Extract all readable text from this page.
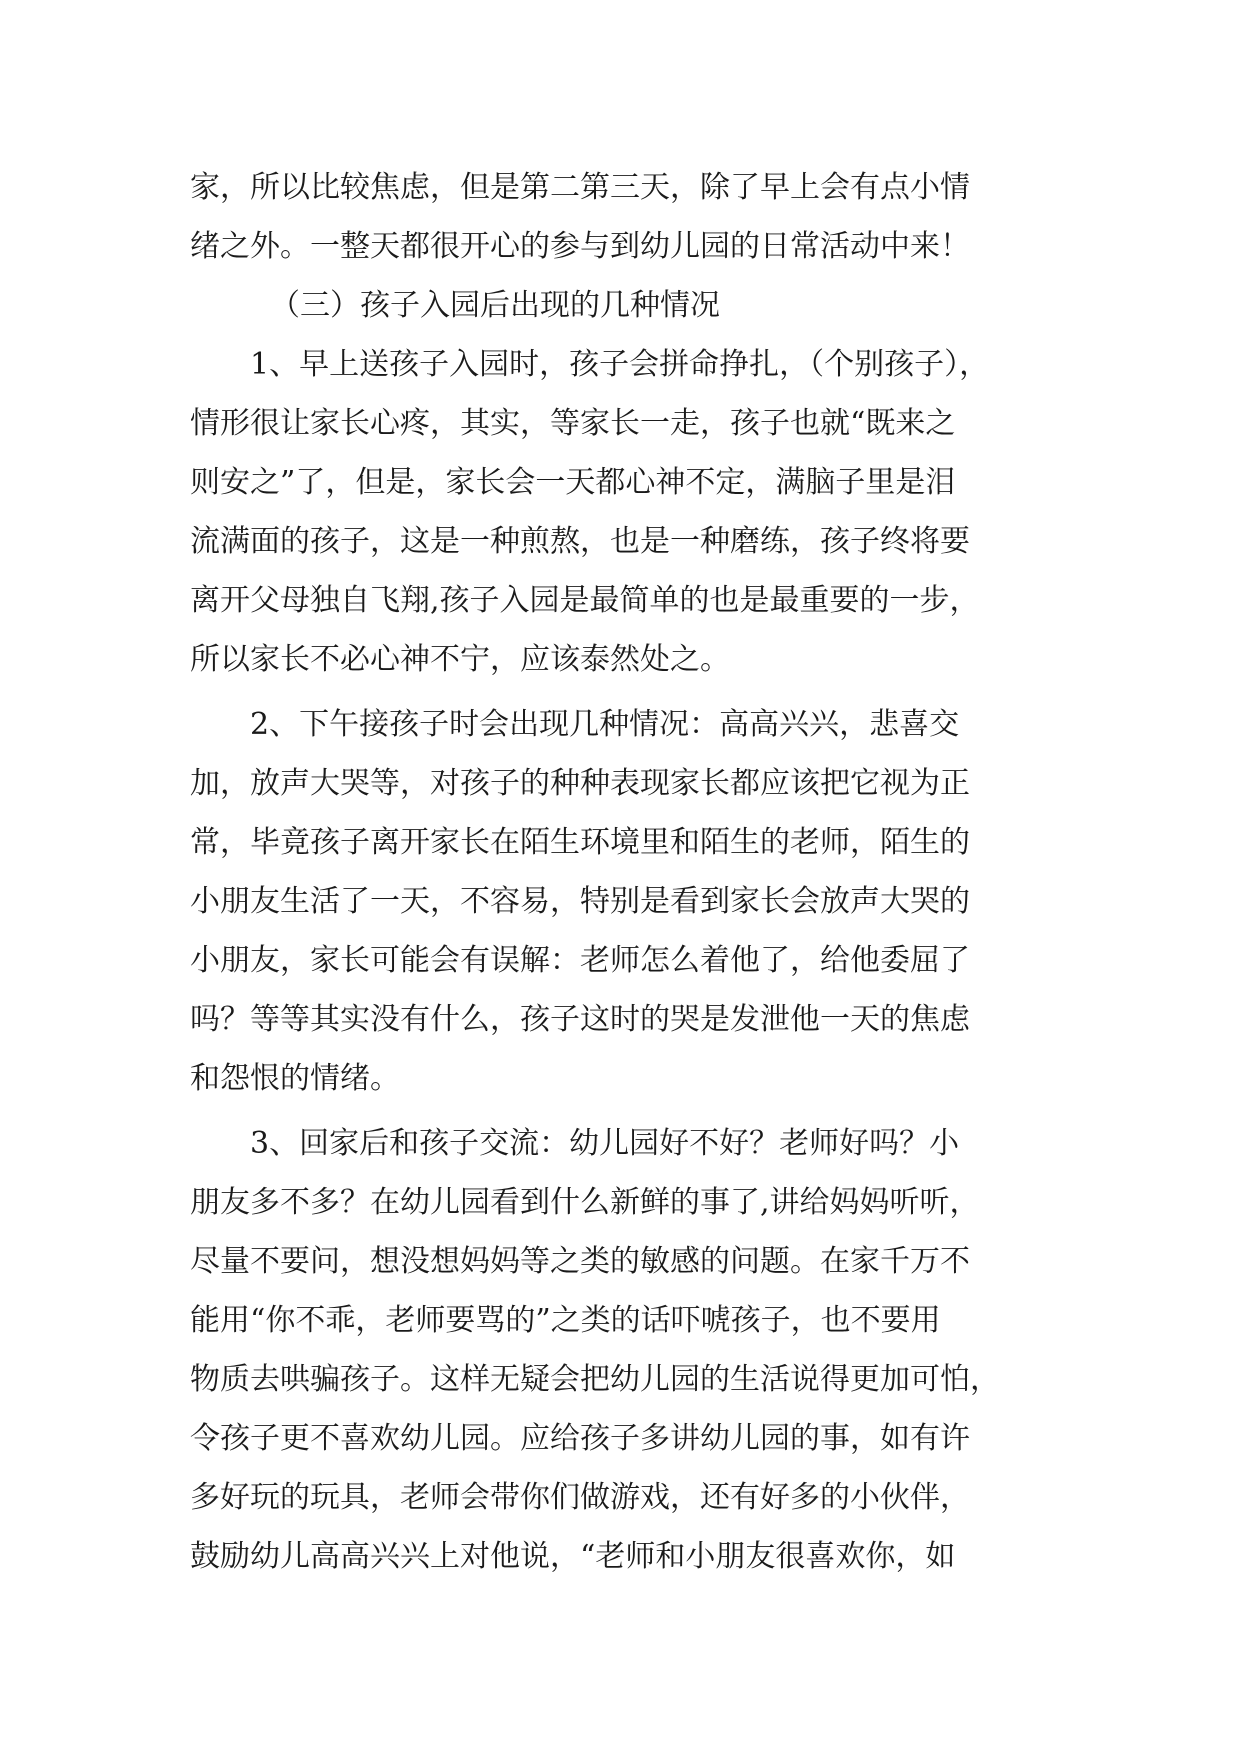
家，所以比较焦虑，但是第二第三天，除了早上会有点小情
绪之外。一整天都很开心的参与到幼儿园的日常活动中来！
（三）孩子入园后出现的几种情况
1、早上送孩子入园时，孩子会拼命挣扎，（个别孩子），
情形很让家长心疼，其实，等家长一走，孩子也就“既来之
则安之”了，但是，家长会一天都心神不定，满脑子里是泪
流满面的孩子，这是一种煎熬，也是一种磨练，孩子终将要
离开父母独自飞翔,孩子入园是最简单的也是最重要的一步，
所以家长不必心神不宁，应该泰然处之。
2、下午接孩子时会出现几种情况：高高兴兴，悲喜交
加，放声大哭等，对孩子的种种表现家长都应该把它视为正
常，毕竟孩子离开家长在陌生环境里和陌生的老师，陌生的
小朋友生活了一天，不容易，特别是看到家长会放声大哭的
小朋友，家长可能会有误解：老师怎么着他了，给他委屈了
吗？等等其实没有什么，孩子这时的哭是发泄他一天的焦虑
和怨恨的情绪。
3、回家后和孩子交流：幼儿园好不好？老师好吗？小
朋友多不多？在幼儿园看到什么新鲜的事了,讲给妈妈听听，
尽量不要问，想没想妈妈等之类的敏感的问题。在家千万不
能用“你不乖，老师要骂的”之类的话吓唬孩子，也不要用
物质去哄骗孩子。这样无疑会把幼儿园的生活说得更加可怕，
令孩子更不喜欢幼儿园。应给孩子多讲幼儿园的事，如有许
多好玩的玩具，老师会带你们做游戏，还有好多的小伙伴，
鼓励幼儿高高兴兴上对他说，“老师和小朋友很喜欢你，如
